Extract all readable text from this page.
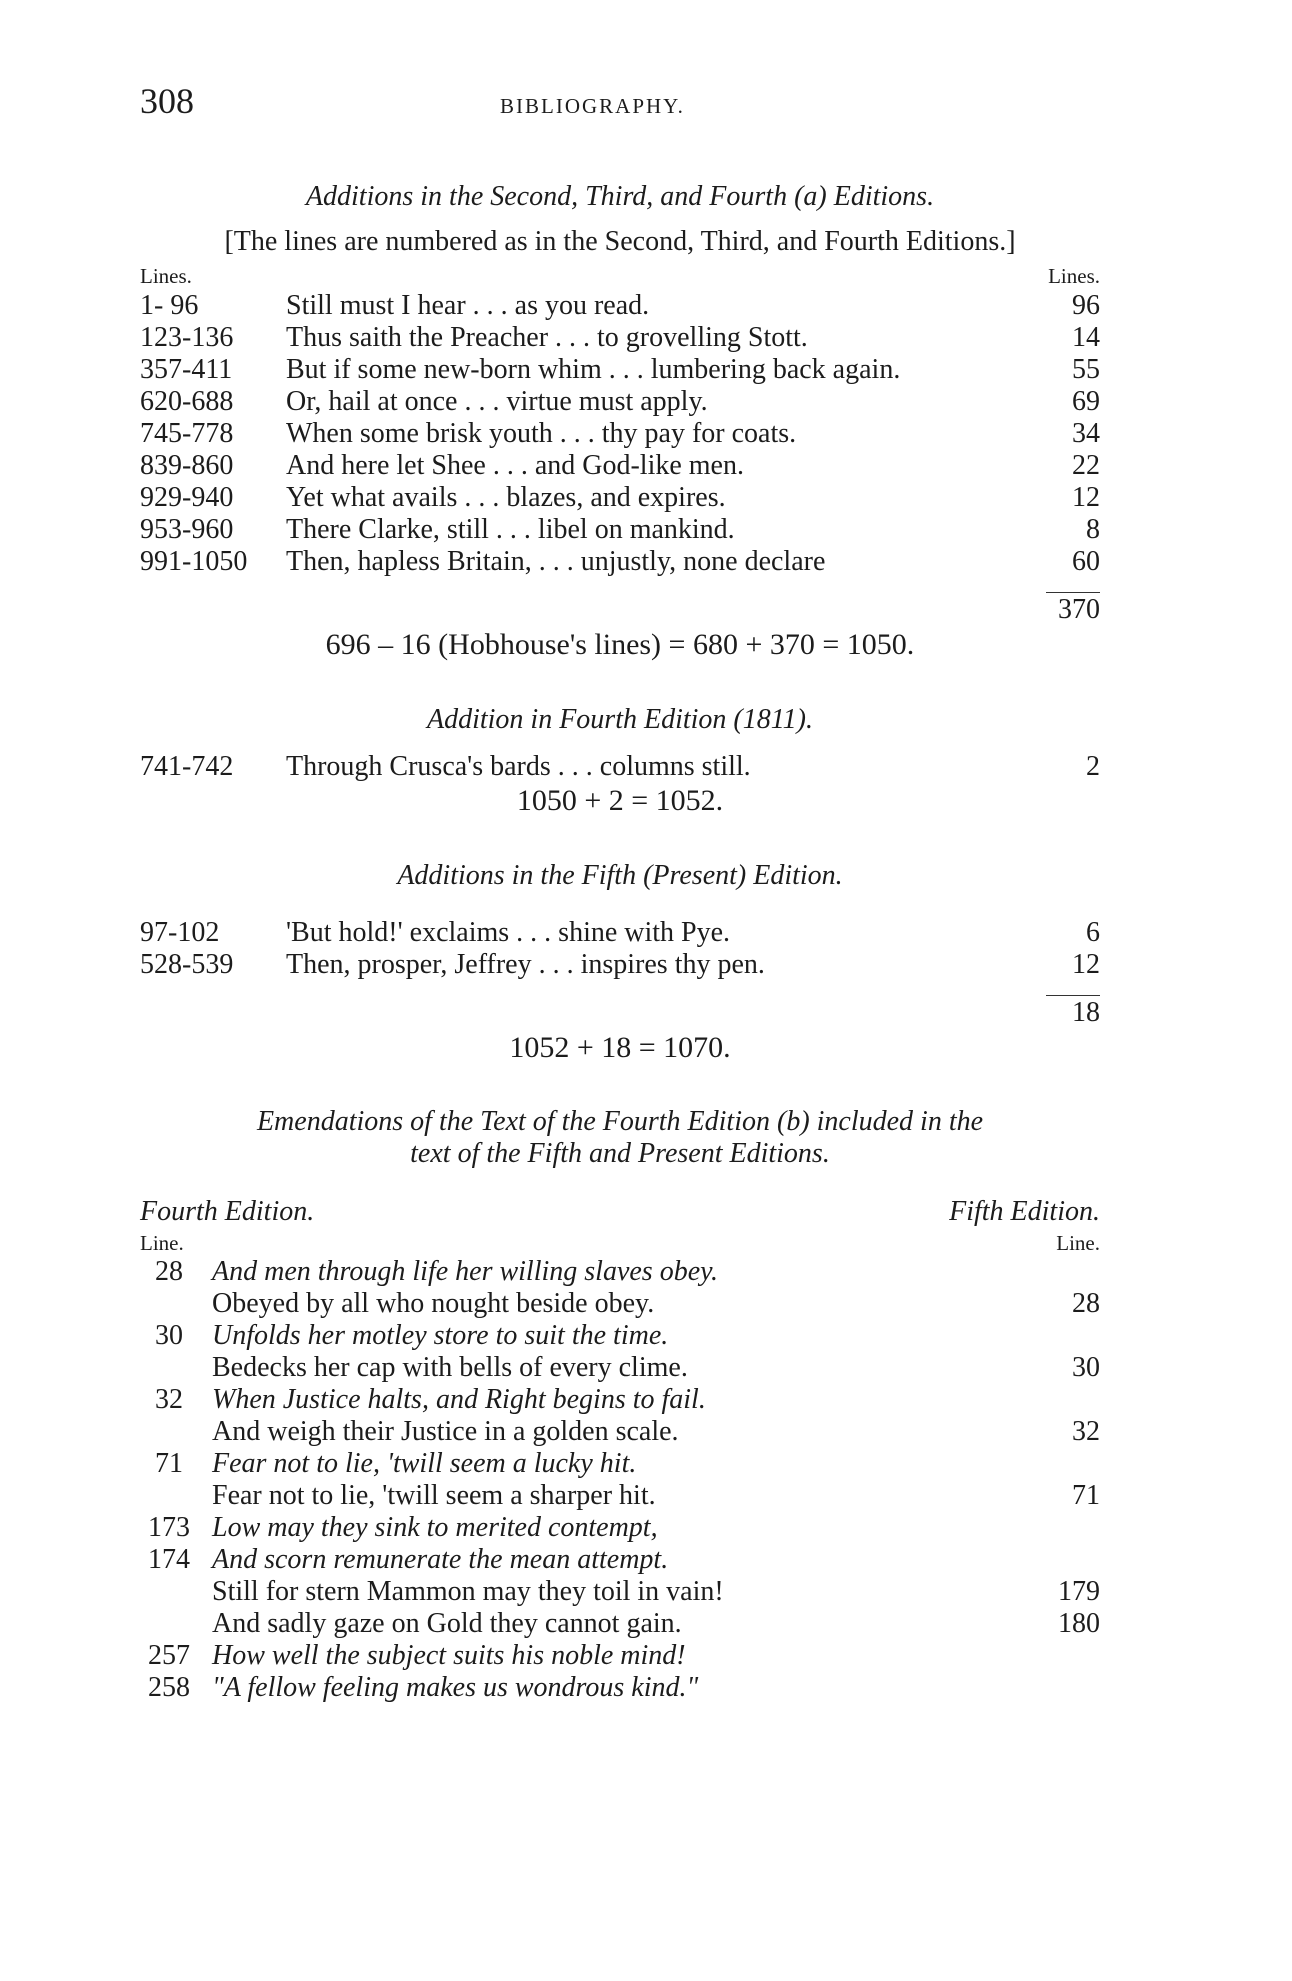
308	BIBLIOGRAPHY.
Additions in the Second, Third, and Fourth (a) Editions.
[The lines are numbered as in the Second, Third, and Fourth Editions.]
Lines.	Lines.
1- 96	Still must I hear . . . as you read.	96
123-136	Thus saith the Preacher . . . to grovelling Stott.	14
357-411	But if some new-born whim . . . lumbering back again.	55
620-688	Or, hail at once . . . virtue must apply.	69
745-778	When some brisk youth . . . thy pay for coats.	34
839-860	And here let Shee . . . and God-like men.	22
929-940	Yet what avails . . . blazes, and expires.	12
953-960	There Clarke, still . . . libel on mankind.	8
991-1050	Then, hapless Britain, . . . unjustly, none declare	60
370
696 – 16 (Hobhouse's lines) = 680 + 370 = 1050.
Addition in Fourth Edition (1811).
741-742	Through Crusca's bards . . . columns still.	2
1050 + 2 = 1052.
Additions in the Fifth (Present) Edition.
97-102	'But hold!' exclaims . . . shine with Pye.	6
528-539	Then, prosper, Jeffrey . . . inspires thy pen.	12
18
1052 + 18 = 1070.
Emendations of the Text of the Fourth Edition (b) included in the
text of the Fifth and Present Editions.
Fourth Edition.	Fifth Edition.
Line.	Line.
28	And men through life her willing slaves obey.
Obeyed by all who nought beside obey.	28
30	Unfolds her motley store to suit the time.
Bedecks her cap with bells of every clime.	30
32	When Justice halts, and Right begins to fail.
And weigh their Justice in a golden scale.	32
71	Fear not to lie, 'twill seem a lucky hit.
Fear not to lie, 'twill seem a sharper hit.	71
173 Low may they sink to merited contempt,
174 And scorn remunerate the mean attempt.
Still for stern Mammon may they toil in vain!	179
And sadly gaze on Gold they cannot gain.	180
257 How well the subject suits his noble mind!
258 "A fellow feeling makes us wondrous kind."
